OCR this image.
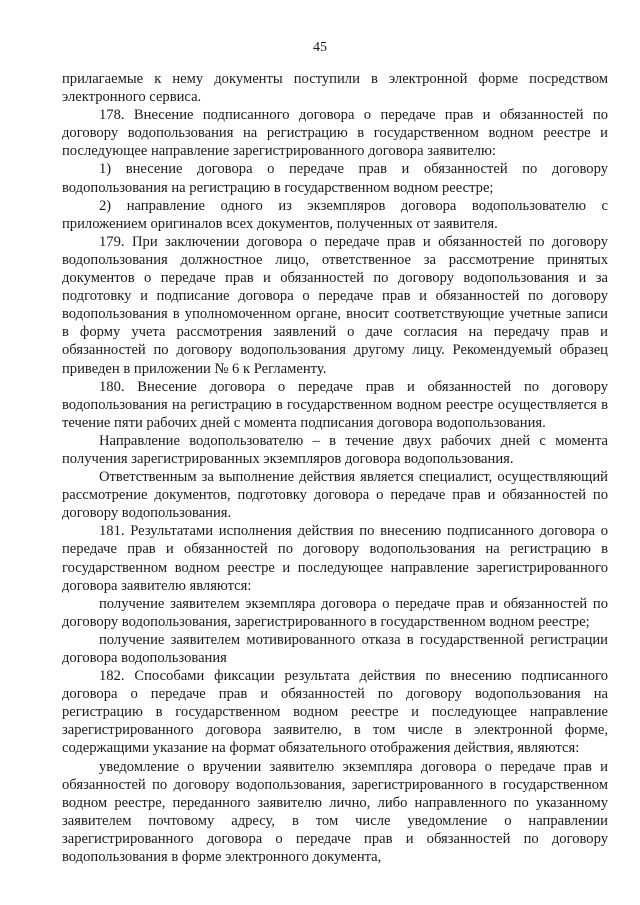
45

прилагаемые к нему документы поступили в электронной форме посредством электронного сервиса.

178. Внесение подписанного договора о передаче прав и обязанностей по договору водопользования на регистрацию в государственном водном реестре и последующее направление зарегистрированного договора заявителю:

1) внесение договора о передаче прав и обязанностей по договору водопользования на регистрацию в государственном водном реестре;

2) направление одного из экземпляров договора водопользователю с приложением оригиналов всех документов, полученных от заявителя.

179. При заключении договора о передаче прав и обязанностей по договору водопользования должностное лицо, ответственное за рассмотрение принятых документов о передаче прав и обязанностей по договору водопользования и за подготовку и подписание договора о передаче прав и обязанностей по договору водопользования в уполномоченном органе, вносит соответствующие учетные записи в форму учета рассмотрения заявлений о даче согласия на передачу прав и обязанностей по договору водопользования другому лицу. Рекомендуемый образец приведен в приложении № 6 к Регламенту.

180. Внесение договора о передаче прав и обязанностей по договору водопользования на регистрацию в государственном водном реестре осуществляется в течение пяти рабочих дней с момента подписания договора водопользования.

Направление водопользователю – в течение двух рабочих дней с момента получения зарегистрированных экземпляров договора водопользования.

Ответственным за выполнение действия является специалист, осуществляющий рассмотрение документов, подготовку договора о передаче прав и обязанностей по договору водопользования.

181. Результатами исполнения действия по внесению подписанного договора о передаче прав и обязанностей по договору водопользования на регистрацию в государственном водном реестре и последующее направление зарегистрированного договора заявителю являются:

получение заявителем экземпляра договора о передаче прав и обязанностей по договору водопользования, зарегистрированного в государственном водном реестре;

получение заявителем мотивированного отказа в государственной регистрации договора водопользования

182. Способами фиксации результата действия по внесению подписанного договора о передаче прав и обязанностей по договору водопользования на регистрацию в государственном водном реестре и последующее направление зарегистрированного договора заявителю, в том числе в электронной форме, содержащими указание на формат обязательного отображения действия, являются:

уведомление о вручении заявителю экземпляра договора о передаче прав и обязанностей по договору водопользования, зарегистрированного в государственном водном реестре, переданного заявителю лично, либо направленного по указанному заявителем почтовому адресу, в том числе уведомление о направлении зарегистрированного договора о передаче прав и обязанностей по договору водопользования в форме электронного документа,
